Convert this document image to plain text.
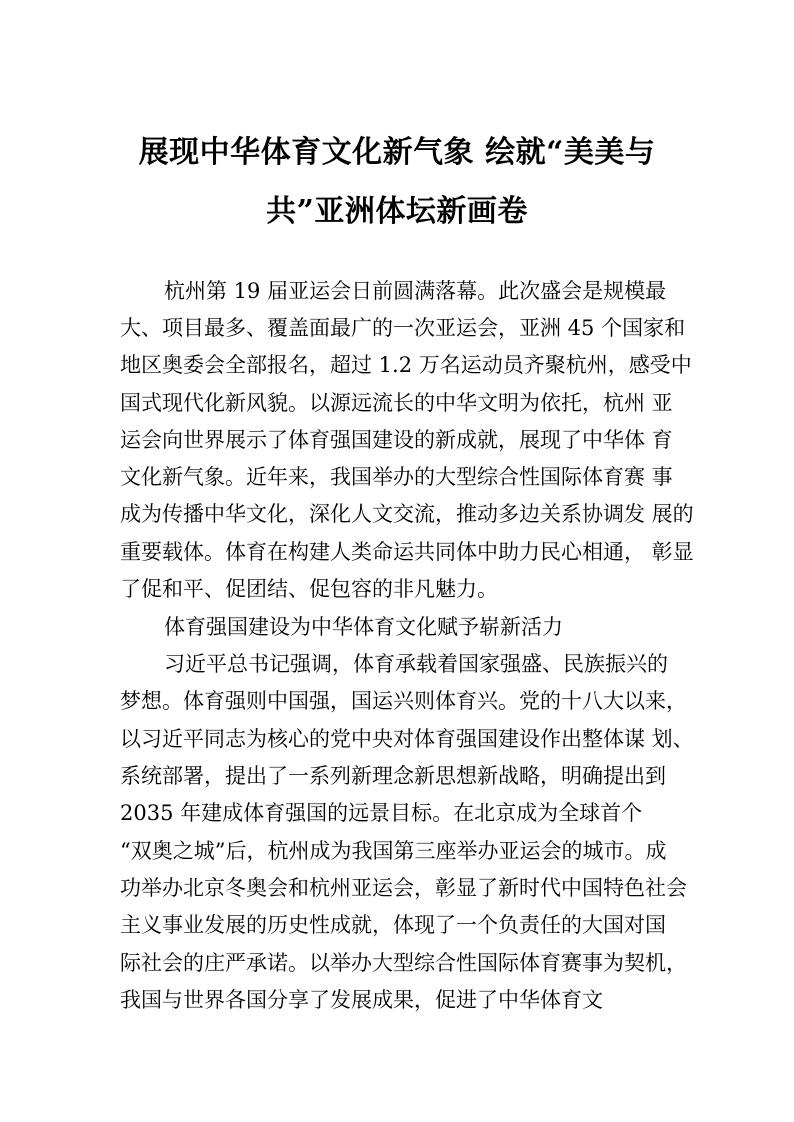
展现中华体育文化新气象 绘就“美美与
共”亚洲体坛新画卷
杭州第 19 届亚运会日前圆满落幕。此次盛会是规模最
大、项目最多、覆盖面最广的一次亚运会，亚洲 45 个国家和
地区奥委会全部报名，超过 1.2 万名运动员齐聚杭州，感受中
国式现代化新风貌。以源远流长的中华文明为依托，杭州 亚
运会向世界展示了体育强国建设的新成就，展现了中华体 育
文化新气象。近年来，我国举办的大型综合性国际体育赛 事
成为传播中华文化，深化人文交流，推动多边关系协调发 展的
重要载体。体育在构建人类命运共同体中助力民心相通， 彰显
了促和平、促团结、促包容的非凡魅力。
体育强国建设为中华体育文化赋予崭新活力
习近平总书记强调，体育承载着国家强盛、民族振兴的
梦想。体育强则中国强，国运兴则体育兴。党的十八大以来，
以习近平同志为核心的党中央对体育强国建设作出整体谋 划、
系统部署，提出了一系列新理念新思想新战略，明确提出到
2035 年建成体育强国的远景目标。在北京成为全球首个
“双奥之城”后，杭州成为我国第三座举办亚运会的城市。成
功举办北京冬奥会和杭州亚运会，彰显了新时代中国特色社会
主义事业发展的历史性成就，体现了一个负责任的大国对国
际社会的庄严承诺。以举办大型综合性国际体育赛事为契机，
我国与世界各国分享了发展成果，促进了中华体育文
